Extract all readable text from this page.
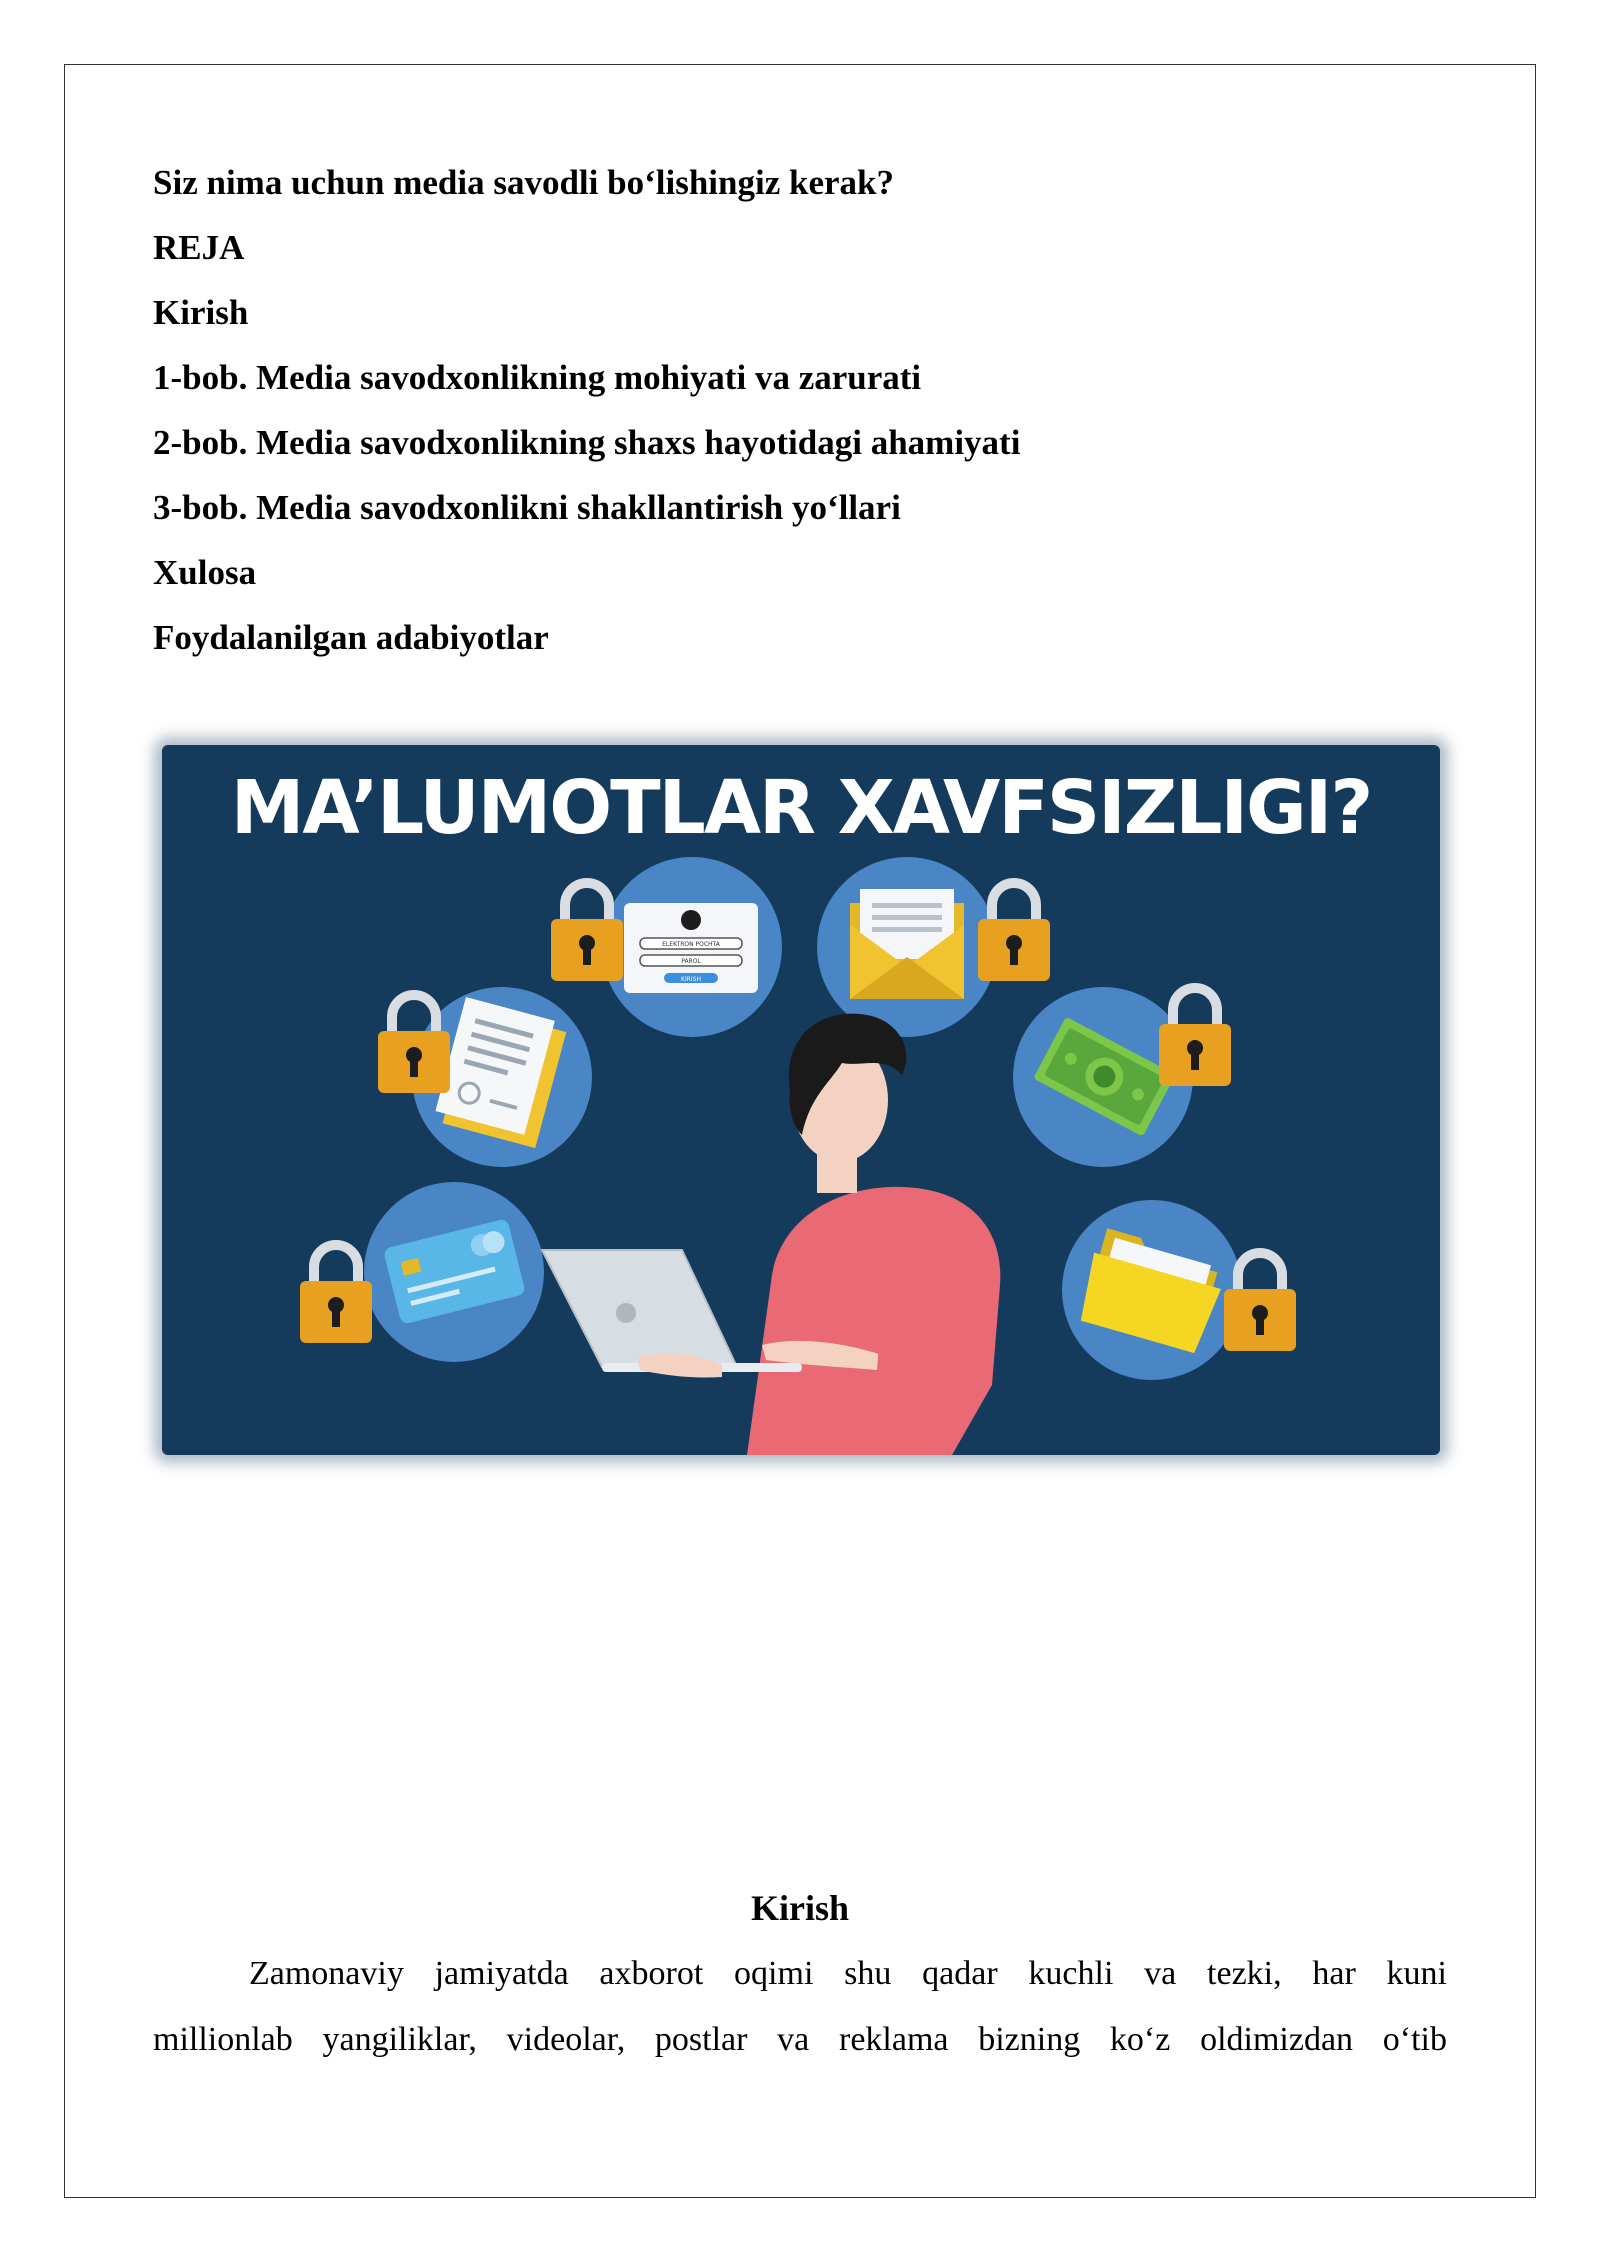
Siz nima uchun media savodli bo‘lishingiz kerak?
REJA
Kirish
1-bob. Media savodxonlikning mohiyati va zarurati
2-bob. Media savodxonlikning shaxs hayotidagi ahamiyati
3-bob. Media savodxonlikni shakllantirish yo‘llari
Xulosa
Foydalanilgan adabiyotlar
MA’LUMOTLAR XAVFSIZLIGI?
ELEKTRON POCHTA
PAROL
KIRISH
Kirish
Zamonaviy jamiyatda axborot oqimi shu qadar kuchli va tezki, har kuni
millionlab yangiliklar, videolar, postlar va reklama bizning ko‘z oldimizdan o‘tib
